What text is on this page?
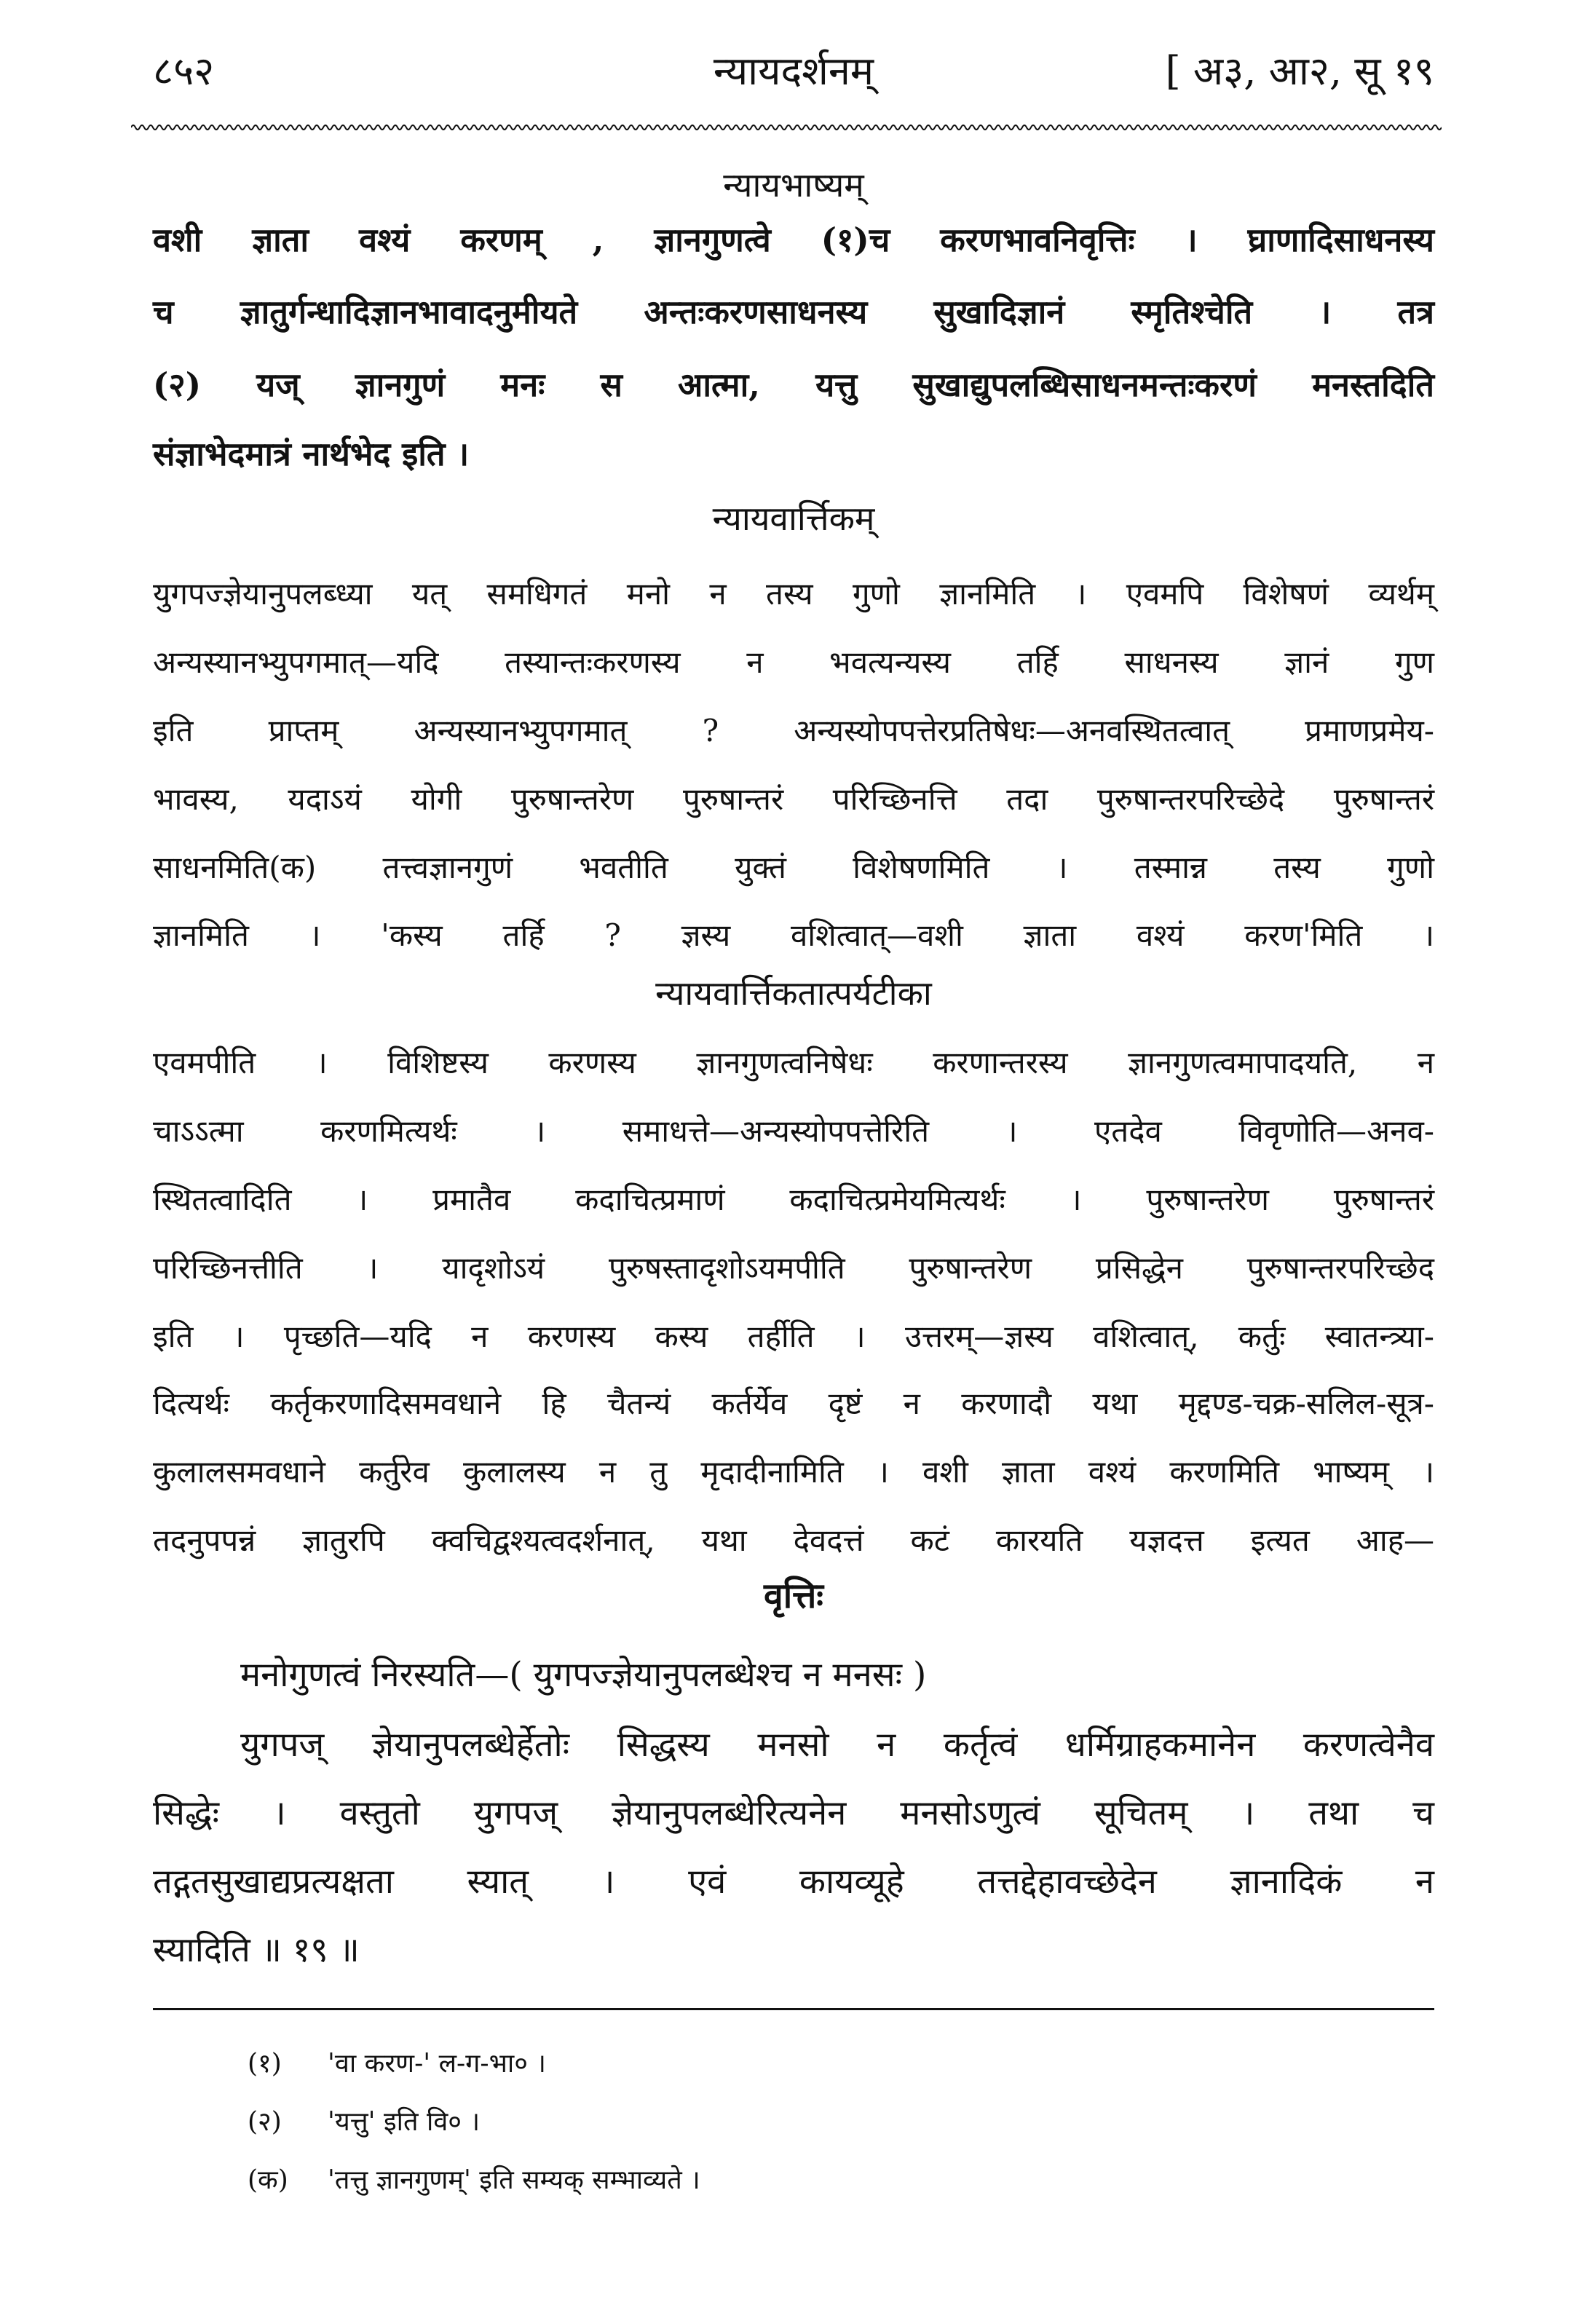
८५२	न्यायदर्शनम्	[ अ३, आ२, सू १९
न्यायभाष्यम्
वशी ज्ञाता वश्यं करणम् , ज्ञानगुणत्वे (१)च करणभावनिवृत्तिः । घ्राणादिसाधनस्य
च ज्ञातुर्गन्धादिज्ञानभावादनुमीयते अन्तःकरणसाधनस्य सुखादिज्ञानं स्मृतिश्चेति । तत्र
(२) यज् ज्ञानगुणं मनः स आत्मा, यत्तु सुखाद्युपलब्धिसाधनमन्तःकरणं मनस्तदिति
संज्ञाभेदमात्रं नार्थभेद इति ।
न्यायवार्त्तिकम्
युगपज्ज्ञेयानुपलब्ध्या यत् समधिगतं मनो न तस्य गुणो ज्ञानमिति । एवमपि विशेषणं व्यर्थम्
अन्यस्यानभ्युपगमात्—यदि तस्यान्तःकरणस्य न भवत्यन्यस्य तर्हि साधनस्य ज्ञानं गुण
इति प्राप्तम् अन्यस्यानभ्युपगमात् ? अन्यस्योपपत्तेरप्रतिषेधः—अनवस्थितत्वात् प्रमाणप्रमेय-
भावस्य, यदाऽयं योगी पुरुषान्तरेण पुरुषान्तरं परिच्छिनत्ति तदा पुरुषान्तरपरिच्छेदे पुरुषान्तरं
साधनमिति(क) तत्त्वज्ञानगुणं भवतीति युक्तं विशेषणमिति । तस्मान्न तस्य गुणो
ज्ञानमिति । 'कस्य तर्हि ? ज्ञस्य वशित्वात्—वशी ज्ञाता वश्यं करण'मिति ।
न्यायवार्त्तिकतात्पर्यटीका
एवमपीति । विशिष्टस्य करणस्य ज्ञानगुणत्वनिषेधः करणान्तरस्य ज्ञानगुणत्वमापादयति, न
चाऽऽत्मा करणमित्यर्थः । समाधत्ते—अन्यस्योपपत्तेरिति । एतदेव विवृणोति—अनव-
स्थितत्वादिति । प्रमातैव कदाचित्प्रमाणं कदाचित्प्रमेयमित्यर्थः । पुरुषान्तरेण पुरुषान्तरं
परिच्छिनत्तीति । यादृशोऽयं पुरुषस्तादृशोऽयमपीति पुरुषान्तरेण प्रसिद्धेन पुरुषान्तरपरिच्छेद
इति । पृच्छति—यदि न करणस्य कस्य तर्हीति । उत्तरम्—ज्ञस्य वशित्वात्, कर्तुः स्वातन्त्र्या-
दित्यर्थः कर्तृकरणादिसमवधाने हि चैतन्यं कर्तर्येव दृष्टं न करणादौ यथा मृद्दण्ड-चक्र-सलिल-सूत्र-
कुलालसमवधाने कर्तुरेव कुलालस्य न तु मृदादीनामिति । वशी ज्ञाता वश्यं करणमिति भाष्यम् ।
तदनुपपन्नं ज्ञातुरपि क्वचिद्वश्यत्वदर्शनात्, यथा देवदत्तं कटं कारयति यज्ञदत्त इत्यत आह—
वृत्तिः
मनोगुणत्वं निरस्यति—( युगपज्ज्ञेयानुपलब्धेश्च न मनसः )
युगपज् ज्ञेयानुपलब्धेर्हेतोः सिद्धस्य मनसो न कर्तृत्वं धर्मिग्राहकमानेन करणत्वेनैव
सिद्धेः । वस्तुतो युगपज् ज्ञेयानुपलब्धेरित्यनेन मनसोऽणुत्वं सूचितम् । तथा च
तद्गतसुखाद्यप्रत्यक्षता स्यात् । एवं कायव्यूहे तत्तद्देहावच्छेदेन ज्ञानादिकं न
स्यादिति ॥ १९ ॥
(१) 'वा करण-' ल-ग-भा० ।
(२) 'यत्तु' इति वि० ।
(क) 'तत्तु ज्ञानगुणम्' इति सम्यक् सम्भाव्यते ।
